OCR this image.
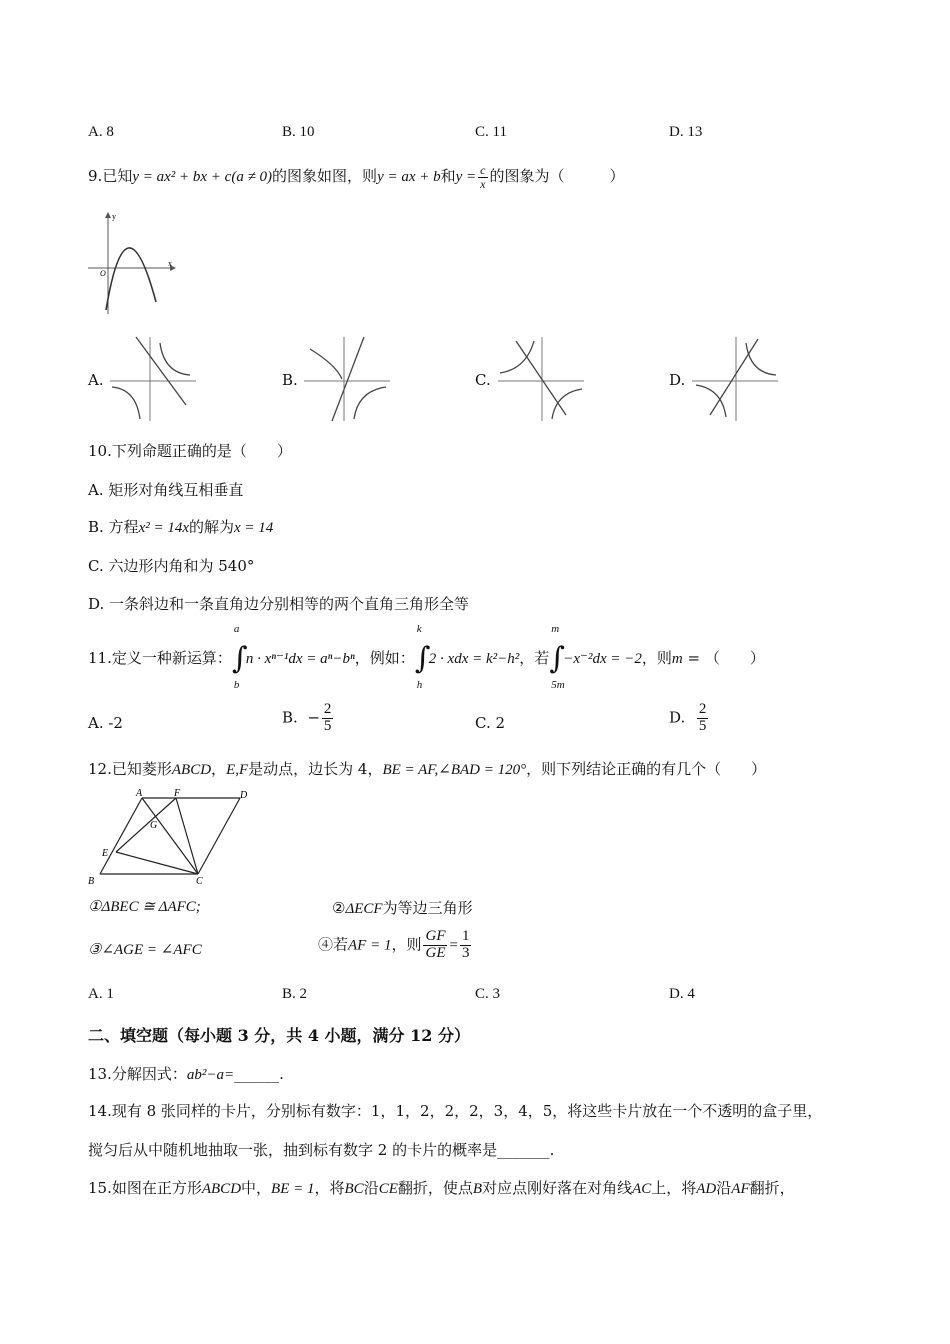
A. 8	B. 10	C. 11	D. 13
9.已知y = ax² + bx + c(a ≠ 0)的图象如图，则y = ax + b和$y = \frac{c}{x}$ 的图象为（　　　）
y
x
O
A.	B.	C.	D.
10.下列命题正确的是（　　）
A. 矩形对角线互相垂直
B. 方程x² = 14x的解为x = 14
C. 六边形内角和为 540°
D. 一条斜边和一条直角边分别相等的两个直角三角形全等
11.定义一种新运算： ∫
a
b
n · xⁿ⁻¹dx = aⁿ−bⁿ，例如： ∫
k
h
2 · xdx = k²−h²，若 ∫
m
5m
−x⁻²dx = −2，则m = （　　）
A. -2	B. − $\frac{2}{5}$	C. 2	D. $\frac{2}{5}$
12.已知菱形ABCD，E,F是动点，边长为 4，BE = AF,∠BAD = 120°，则下列结论正确的有几个（　　）
A	F	D
G
E
B	C
①ΔBEC ≅ ΔAFC;	②ΔECF为等边三角形
③∠AGE = ∠AFC	④若AF = 1，则 $\frac{GF}{GE} = \frac{1}{3}$
A. 1	B. 2	C. 3	D. 4
二、填空题（每小题 3 分，共 4 小题，满分 12 分）
13.分解因式：ab²−a=______.
14.现有 8 张同样的卡片，分别标有数字：1，1，2，2，2，3，4，5，将这些卡片放在一个不透明的盒子里，
搅匀后从中随机地抽取一张，抽到标有数字 2 的卡片的概率是_______.
15.如图在正方形ABCD中，BE = 1，将BC沿CE翻折，使点B对应点刚好落在对角线AC上，将AD沿AF翻折，
